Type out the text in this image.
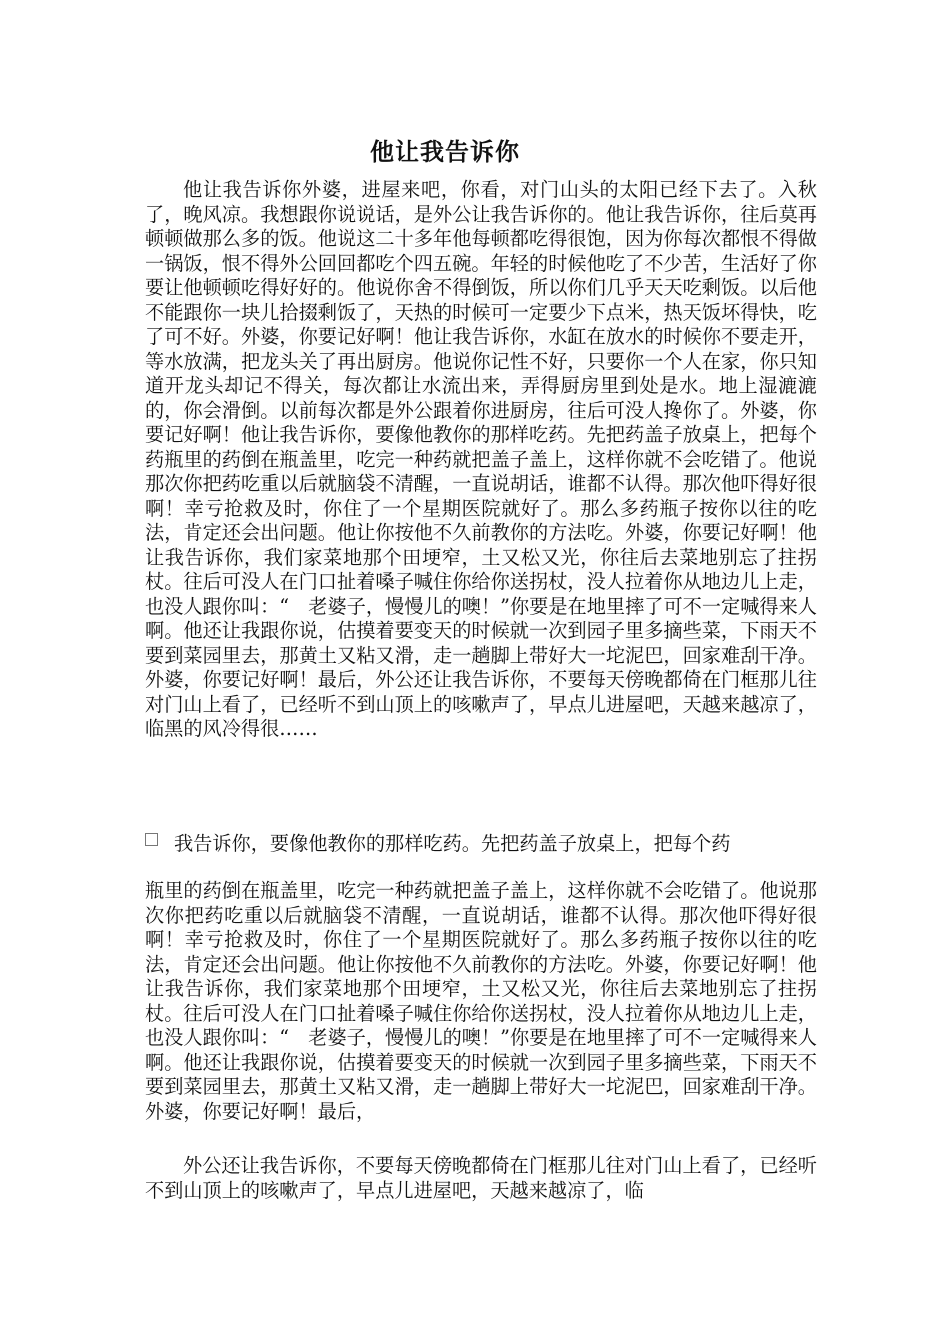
他让我告诉你

他让我告诉你外婆，进屋来吧，你看，对门山头的太阳已经下去了。入秋了，晚风凉。我想跟你说说话，是外公让我告诉你的。他让我告诉你，往后莫再顿顿做那么多的饭。他说这二十多年他每顿都吃得很饱，因为你每次都恨不得做一锅饭，恨不得外公回回都吃个四五碗。年轻的时候他吃了不少苦，生活好了你要让他顿顿吃得好好的。他说你舍不得倒饭，所以你们几乎天天吃剩饭。以后他不能跟你一块儿拾掇剩饭了，天热的时候可一定要少下点米，热天饭坏得快，吃了可不好。外婆，你要记好啊！他让我告诉你，水缸在放水的时候你不要走开，等水放满，把龙头关了再出厨房。他说你记性不好，只要你一个人在家，你只知道开龙头却记不得关，每次都让水流出来，弄得厨房里到处是水。地上湿漉漉的，你会滑倒。以前每次都是外公跟着你进厨房，往后可没人搀你了。外婆，你要记好啊！他让我告诉你，要像他教你的那样吃药。先把药盖子放桌上，把每个药瓶里的药倒在瓶盖里，吃完一种药就把盖子盖上，这样你就不会吃错了。他说那次你把药吃重以后就脑袋不清醒，一直说胡话，谁都不认得。那次他吓得好很啊！幸亏抢救及时，你住了一个星期医院就好了。那么多药瓶子按你以往的吃法，肯定还会出问题。他让你按他不久前教你的方法吃。外婆，你要记好啊！他让我告诉你，我们家菜地那个田埂窄，土又松又光，你往后去菜地别忘了拄拐杖。往后可没人在门口扯着嗓子喊住你给你送拐杖，没人拉着你从地边儿上走，也没人跟你叫：“　老婆子，慢慢儿的噢！”你要是在地里摔了可不一定喊得来人啊。他还让我跟你说，估摸着要变天的时候就一次到园子里多摘些菜，下雨天不要到菜园里去，那黄土又粘又滑，走一趟脚上带好大一坨泥巴，回家难刮干净。外婆，你要记好啊！最后，外公还让我告诉你，不要每天傍晚都倚在门框那儿往对门山上看了，已经听不到山顶上的咳嗽声了，早点儿进屋吧，天越来越凉了，临黑的风冷得很……

我告诉你，要像他教你的那样吃药。先把药盖子放桌上，把每个药

瓶里的药倒在瓶盖里，吃完一种药就把盖子盖上，这样你就不会吃错了。他说那次你把药吃重以后就脑袋不清醒，一直说胡话，谁都不认得。那次他吓得好很啊！幸亏抢救及时，你住了一个星期医院就好了。那么多药瓶子按你以往的吃法，肯定还会出问题。他让你按他不久前教你的方法吃。外婆，你要记好啊！他让我告诉你，我们家菜地那个田埂窄，土又松又光，你往后去菜地别忘了拄拐杖。往后可没人在门口扯着嗓子喊住你给你送拐杖，没人拉着你从地边儿上走，也没人跟你叫：“　老婆子，慢慢儿的噢！”你要是在地里摔了可不一定喊得来人啊。他还让我跟你说，估摸着要变天的时候就一次到园子里多摘些菜，下雨天不要到菜园里去，那黄土又粘又滑，走一趟脚上带好大一坨泥巴，回家难刮干净。外婆，你要记好啊！最后，

外公还让我告诉你，不要每天傍晚都倚在门框那儿往对门山上看了，已经听不到山顶上的咳嗽声了，早点儿进屋吧，天越来越凉了，临
